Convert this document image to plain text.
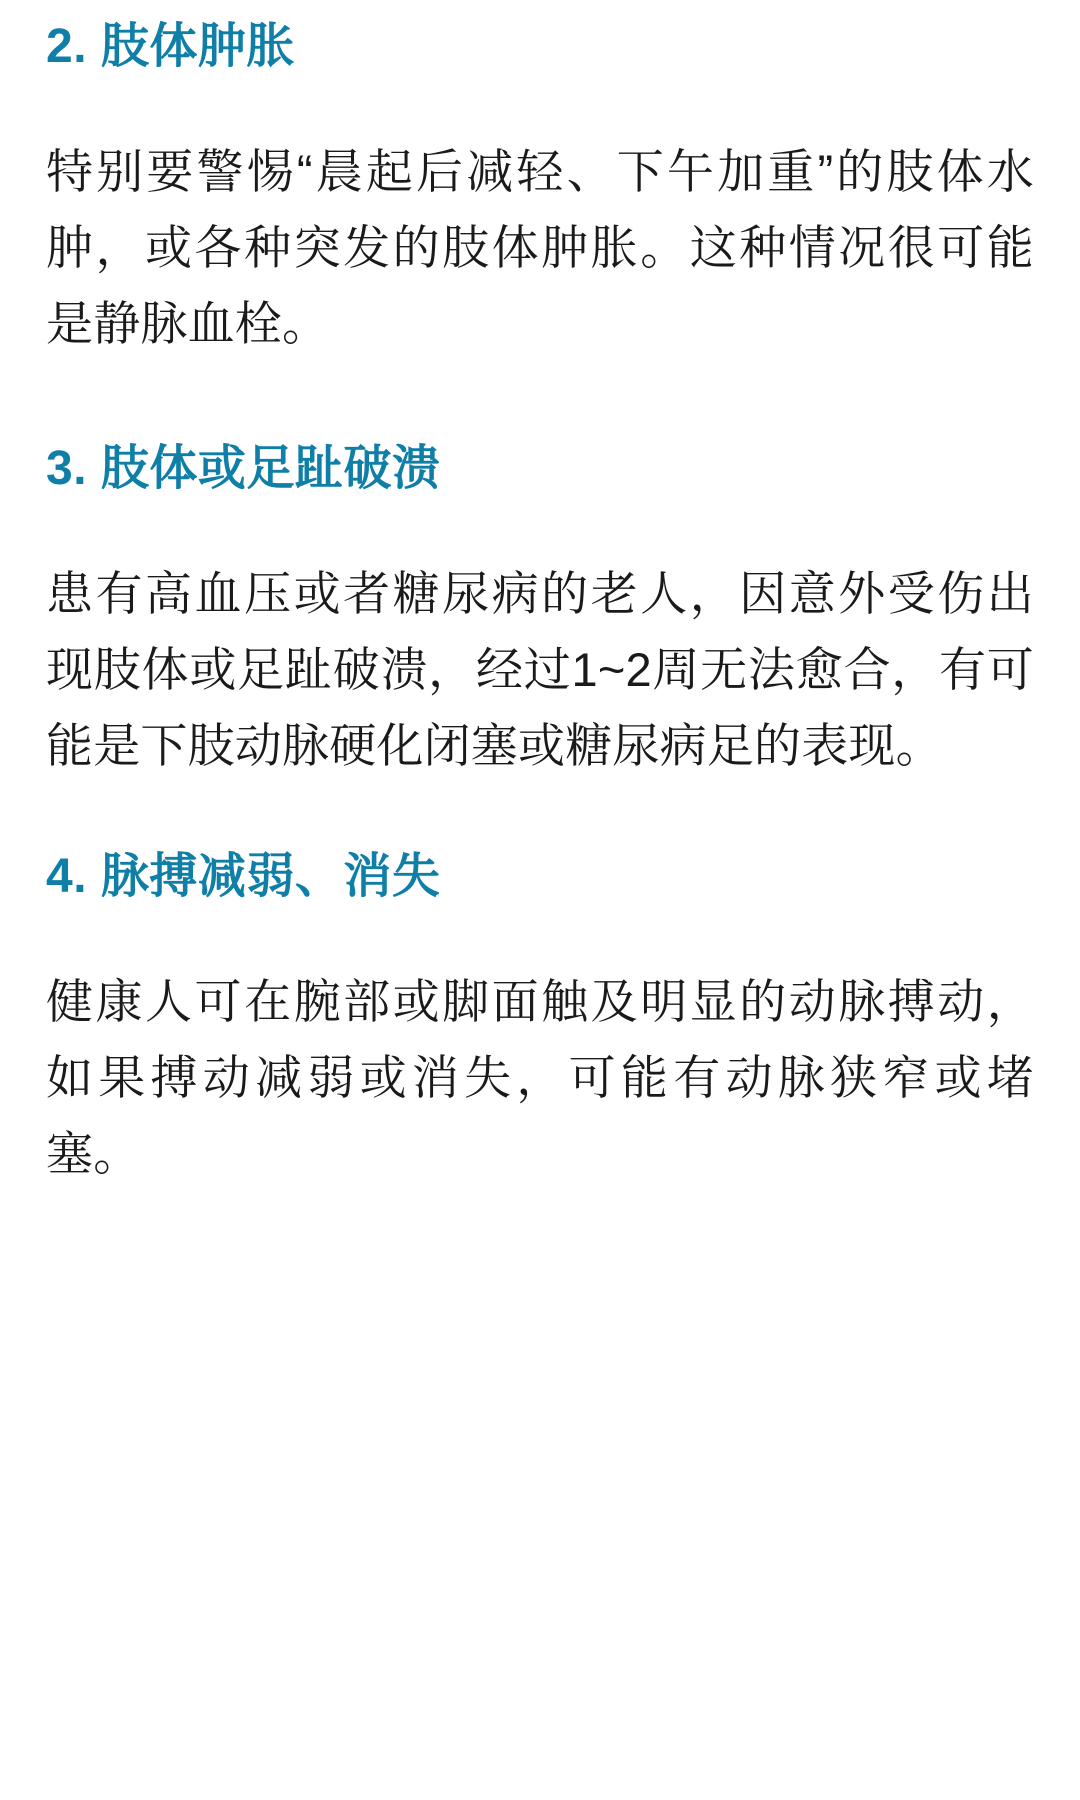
2. 肢体肿胀

特别要警惕“晨起后减轻、下午加重”的肢体水肿，或各种突发的肢体肿胀。这种情况很可能是静脉血栓。

3. 肢体或足趾破溃

患有高血压或者糖尿病的老人，因意外受伤出现肢体或足趾破溃，经过1~2周无法愈合，有可能是下肢动脉硬化闭塞或糖尿病足的表现。

4. 脉搏减弱、消失

健康人可在腕部或脚面触及明显的动脉搏动，如果搏动减弱或消失，可能有动脉狭窄或堵塞。
